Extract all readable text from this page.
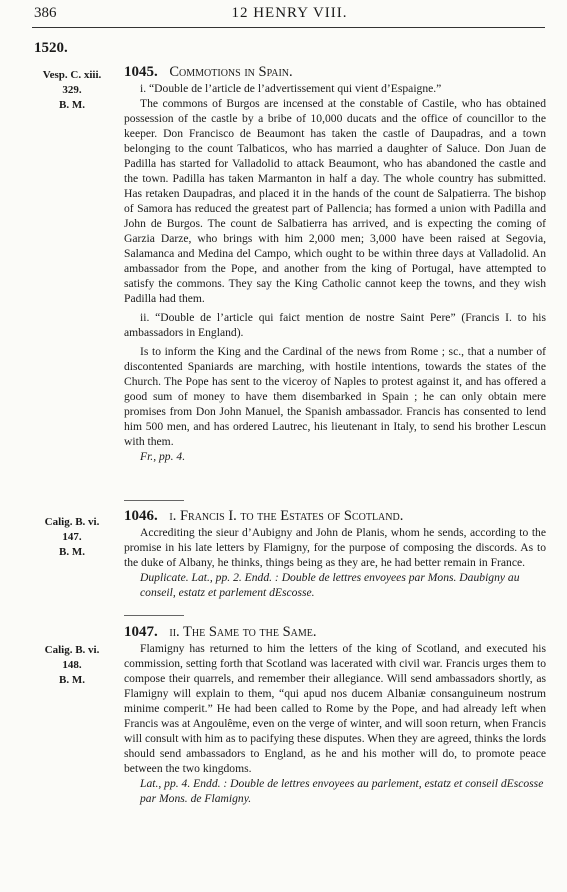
386	12 HENRY VIII.
1520.
Vesp. C. xiii.
329.
B. M.
1045. Commotions in Spain.

i. “Double de l’article de l’advertissement qui vient d’Espaigne.”

The commons of Burgos are incensed at the constable of Castile, who has obtained possession of the castle by a bribe of 10,000 ducats and the office of councillor to the keeper. Don Francisco de Beaumont has taken the castle of Daupadras, and a town belonging to the count Talbaticos, who has married a daughter of Saluce. Don Juan de Padilla has started for Valladolid to attack Beaumont, who has abandoned the castle and the town. Padilla has taken Marmanton in half a day. The whole country has submitted. Has retaken Daupadras, and placed it in the hands of the count de Salpatierra. The bishop of Samora has reduced the greatest part of Pallencia; has formed a union with Padilla and John de Burgos. The count de Salbatierra has arrived, and is expecting the coming of Garzia Darze, who brings with him 2,000 men; 3,000 have been raised at Segovia, Salamanca and Medina del Campo, which ought to be within three days at Valladolid. An ambassador from the Pope, and another from the king of Portugal, have attempted to satisfy the commons. They say the King Catholic cannot keep the towns, and they wish Padilla had them.

ii. “Double de l’article qui faict mention de nostre Saint Pere” (Francis I. to his ambassadors in England).

Is to inform the King and the Cardinal of the news from Rome ; sc., that a number of discontented Spaniards are marching, with hostile intentions, towards the states of the Church. The Pope has sent to the viceroy of Naples to protest against it, and has offered a good sum of money to have them disembarked in Spain ; he can only obtain mere promises from Don John Manuel, the Spanish ambassador. Francis has consented to lend him 500 men, and has ordered Lautrec, his lieutenant in Italy, to send his brother Lescun with them.

Fr., pp. 4.
Calig. B. vi.
147.
B. M.
1046. i. Francis I. to the Estates of Scotland.

Accrediting the sieur d’Aubigny and John de Planis, whom he sends, according to the promise in his late letters by Flamigny, for the purpose of composing the discords. As to the duke of Albany, he thinks, things being as they are, he had better remain in France.

Duplicate. Lat., pp. 2. Endd. : Double de lettres envoyees par Mons. Daubigny au conseil, estatz et parlement dEscosse.
Calig. B. vi.
148.
B. M.
1047. ii. The Same to the Same.

Flamigny has returned to him the letters of the king of Scotland, and executed his commission, setting forth that Scotland was lacerated with civil war. Francis urges them to compose their quarrels, and remember their allegiance. Will send ambassadors shortly, as Flamigny will explain to them, “qui apud nos ducem Albaniæ consanguineum nostrum minime comperit.” He had been called to Rome by the Pope, and had already left when Francis was at Angoulême, even on the verge of winter, and will soon return, when Francis will consult with him as to pacifying these disputes. When they are agreed, thinks the lords should send ambassadors to England, as he and his mother will do, to promote peace between the two kingdoms.

Lat., pp. 4. Endd. : Double de lettres envoyees au parlement, estatz et conseil dEscosse par Mons. de Flamigny.
